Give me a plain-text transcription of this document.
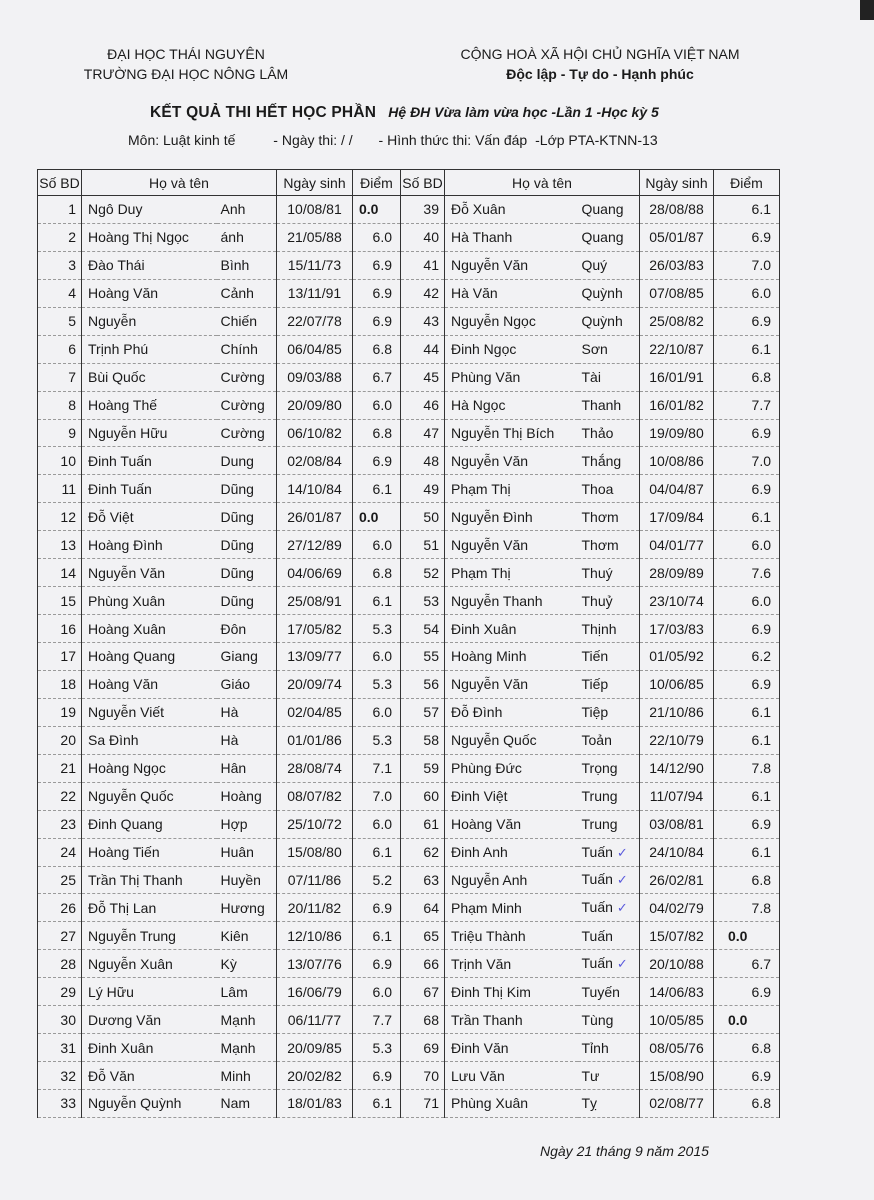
ĐẠI HỌC THÁI NGUYÊN
TRƯỜNG ĐẠI HỌC NÔNG LÂM
CỘNG HOÀ XÃ HỘI CHỦ NGHĨA VIỆT NAM
Độc lập - Tự do - Hạnh phúc
KẾT QUẢ THI HẾT HỌC PHẦN Hệ ĐH Vừa làm vừa học -Lần 1 -Học kỳ 5
Môn: Luật kinh tế	- Ngày thi: / / - Hình thức thi: Vấn đáp -Lớp PTA-KTNN-13
Số BD	Họ và tên		Ngày sinh	Điểm	Số BD	Họ và tên		Ngày sinh	Điểm

1	Ngô Duy	Anh	10/08/81	0.0	39	Đỗ Xuân	Quang	28/08/88	6.1
2	Hoàng Thị Ngọc	ánh	21/05/88	6.0	40	Hà Thanh	Quang	05/01/87	6.9
3	Đào Thái	Bình	15/11/73	6.9	41	Nguyễn Văn	Quý	26/03/83	7.0
4	Hoàng Văn	Cảnh	13/11/91	6.9	42	Hà Văn	Quỳnh	07/08/85	6.0
5	Nguyễn	Chiến	22/07/78	6.9	43	Nguyễn Ngọc	Quỳnh	25/08/82	6.9
6	Trịnh Phú	Chính	06/04/85	6.8	44	Đinh Ngọc	Sơn	22/10/87	6.1
7	Bùi Quốc	Cường	09/03/88	6.7	45	Phùng Văn	Tài	16/01/91	6.8
8	Hoàng Thế	Cường	20/09/80	6.0	46	Hà Ngọc	Thanh	16/01/82	7.7
9	Nguyễn Hữu	Cường	06/10/82	6.8	47	Nguyễn Thị Bích	Thảo	19/09/80	6.9
10	Đinh Tuấn	Dung	02/08/84	6.9	48	Nguyễn Văn	Thắng	10/08/86	7.0
11	Đinh Tuấn	Dũng	14/10/84	6.1	49	Phạm Thị	Thoa	04/04/87	6.9
12	Đỗ Việt	Dũng	26/01/87	0.0	50	Nguyễn Đình	Thơm	17/09/84	6.1
13	Hoàng Đình	Dũng	27/12/89	6.0	51	Nguyễn Văn	Thơm	04/01/77	6.0
14	Nguyễn Văn	Dũng	04/06/69	6.8	52	Phạm Thị	Thuý	28/09/89	7.6
15	Phùng Xuân	Dũng	25/08/91	6.1	53	Nguyễn Thanh	Thuỷ	23/10/74	6.0
16	Hoàng Xuân	Đôn	17/05/82	5.3	54	Đinh Xuân	Thịnh	17/03/83	6.9
17	Hoàng Quang	Giang	13/09/77	6.0	55	Hoàng Minh	Tiến	01/05/92	6.2
18	Hoàng Văn	Giáo	20/09/74	5.3	56	Nguyễn Văn	Tiếp	10/06/85	6.9
19	Nguyễn Viết	Hà	02/04/85	6.0	57	Đỗ Đình	Tiệp	21/10/86	6.1
20	Sa Đình	Hà	01/01/86	5.3	58	Nguyễn Quốc	Toản	22/10/79	6.1
21	Hoàng Ngọc	Hân	28/08/74	7.1	59	Phùng Đức	Trọng	14/12/90	7.8
22	Nguyễn Quốc	Hoàng	08/07/82	7.0	60	Đinh Việt	Trung	11/07/94	6.1
23	Đinh Quang	Hợp	25/10/72	6.0	61	Hoàng Văn	Trung	03/08/81	6.9
24	Hoàng Tiến	Huân	15/08/80	6.1	62	Đinh Anh	Tuấn ✓	24/10/84	6.1
25	Trần Thị Thanh	Huyền	07/11/86	5.2	63	Nguyễn Anh	Tuấn ✓	26/02/81	6.8
26	Đỗ Thị Lan	Hương	20/11/82	6.9	64	Phạm Minh	Tuấn ✓	04/02/79	7.8
27	Nguyễn Trung	Kiên	12/10/86	6.1	65	Triệu Thành	Tuấn	15/07/82	0.0
28	Nguyễn Xuân	Kỳ	13/07/76	6.9	66	Trịnh Văn	Tuấn ✓	20/10/88	6.7
29	Lý Hữu	Lâm	16/06/79	6.0	67	Đinh Thị Kim	Tuyến	14/06/83	6.9
30	Dương Văn	Mạnh	06/11/77	7.7	68	Trần Thanh	Tùng	10/05/85	0.0
31	Đinh Xuân	Mạnh	20/09/85	5.3	69	Đinh Văn	Tỉnh	08/05/76	6.8
32	Đỗ Văn	Minh	20/02/82	6.9	70	Lưu Văn	Tư	15/08/90	6.9
33	Nguyễn Quỳnh	Nam	18/01/83	6.1	71	Phùng Xuân	Tỵ	02/08/77	6.8
Ngày 21 tháng 9 năm 2015
